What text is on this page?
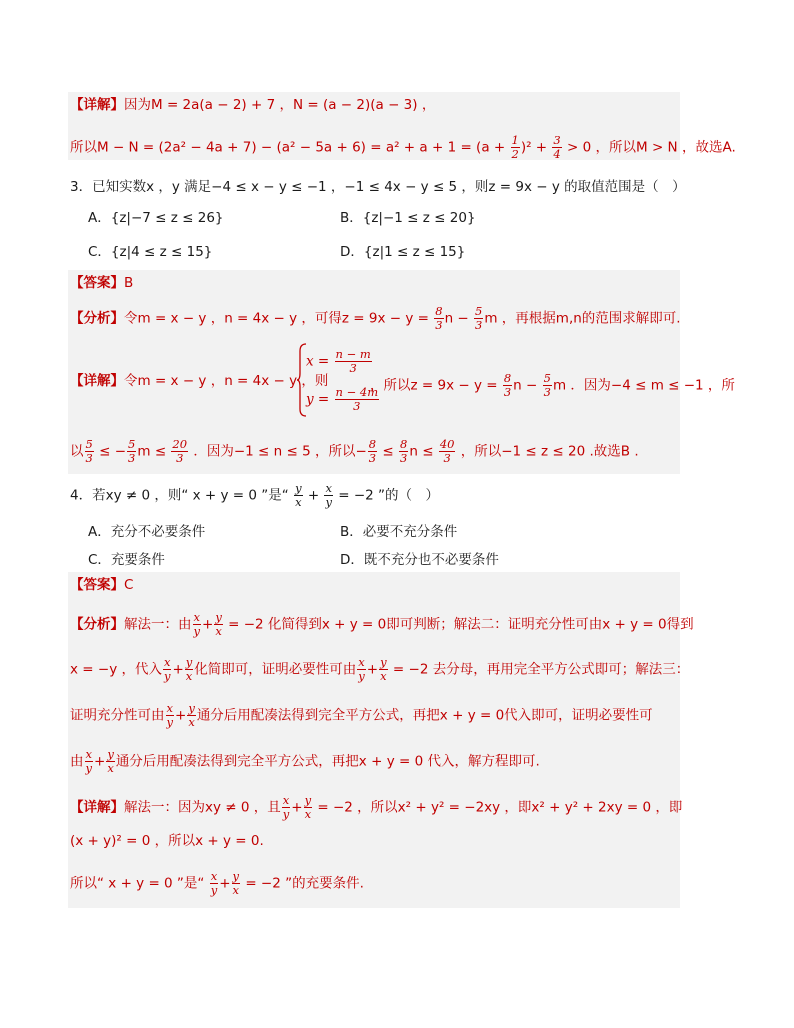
【详解】因为M = 2a(a − 2) + 7 ，N = (a − 2)(a − 3) ，
所以$M - N = (2a^2 - 4a + 7) - (a^2 - 5a + 6) = a^2 + a + 1 = (a + \frac{1}{2} )^2 + \frac{3}{4} > 0$ ，所以M > N ，故选A.
3．已知实数x ，y 满足−4 ≤ x − y ≤ −1 ，−1 ≤ 4x − y ≤ 5 ，则z = 9x − y 的取值范围是（　）
A．{z|−7 ≤ z ≤ 26}	B．{z|−1 ≤ z ≤ 20}
C．{z|4 ≤ z ≤ 15}	D．{z|1 ≤ z ≤ 15}
【答案】B
【分析】令m = x − y ，n = 4x − y ，可得$z = 9x - y = \frac{8}{3}$ $n - \frac{5}{3}$ m ，再根据m,n的范围求解即可.
【详解】令m = x − y ，n = 4x − y ，则
$x = \frac{n - m}{3}$
$y = \frac{n - 4m}{3}$
，所以$z = 9x - y = \frac{8}{3}$ $n - \frac{5}{3}$ m ．因为−4 ≤ m ≤ −1 ，所
以 $\frac{5}{3}$ ≤ − $\frac{5}{3}$ $m \le \frac{20}{3}$ ．因为−1 ≤ n ≤ 5 ，所以− $\frac{8}{3} \le \frac{8}{3}$ $n \le \frac{40}{3}$ ，所以−1 ≤ z ≤ 20 .故选B .
4．若xy ≠ 0 ，则“ x + y = 0 ”是“ $\frac{y}{x} + \frac{x}{y} = -2$ ”的（　）
A．充分不必要条件	B．必要不充分条件
C．充要条件	D．既不充分也不必要条件
【答案】C
【分析】解法一：由 $\frac{x}{y} + \frac{y}{x} = -2$ 化简得到x + y = 0即可判断；解法二：证明充分性可由x + y = 0得到
x = −y ，代入 $\frac{x}{y} + \frac{y}{x}$ 化简即可，证明必要性可由 $\frac{x}{y} + \frac{y}{x} = -2$ 去分母，再用完全平方公式即可；解法三：
证明充分性可由 $\frac{x}{y} + \frac{y}{x}$ 通分后用配凑法得到完全平方公式，再把x + y = 0代入即可，证明必要性可
由 $\frac{x}{y} + \frac{y}{x}$ 通分后用配凑法得到完全平方公式，再把x + y = 0 代入，解方程即可.
【详解】解法一：因为xy ≠ 0 ，且 $\frac{x}{y} + \frac{y}{x} = -2$ ，所以x² + y² = −2xy ，即x² + y² + 2xy = 0 ，即
(x + y)² = 0 ，所以x + y = 0.
所以“ x + y = 0 ”是“ $\frac{x}{y} + \frac{y}{x} = -2$ ”的充要条件.
